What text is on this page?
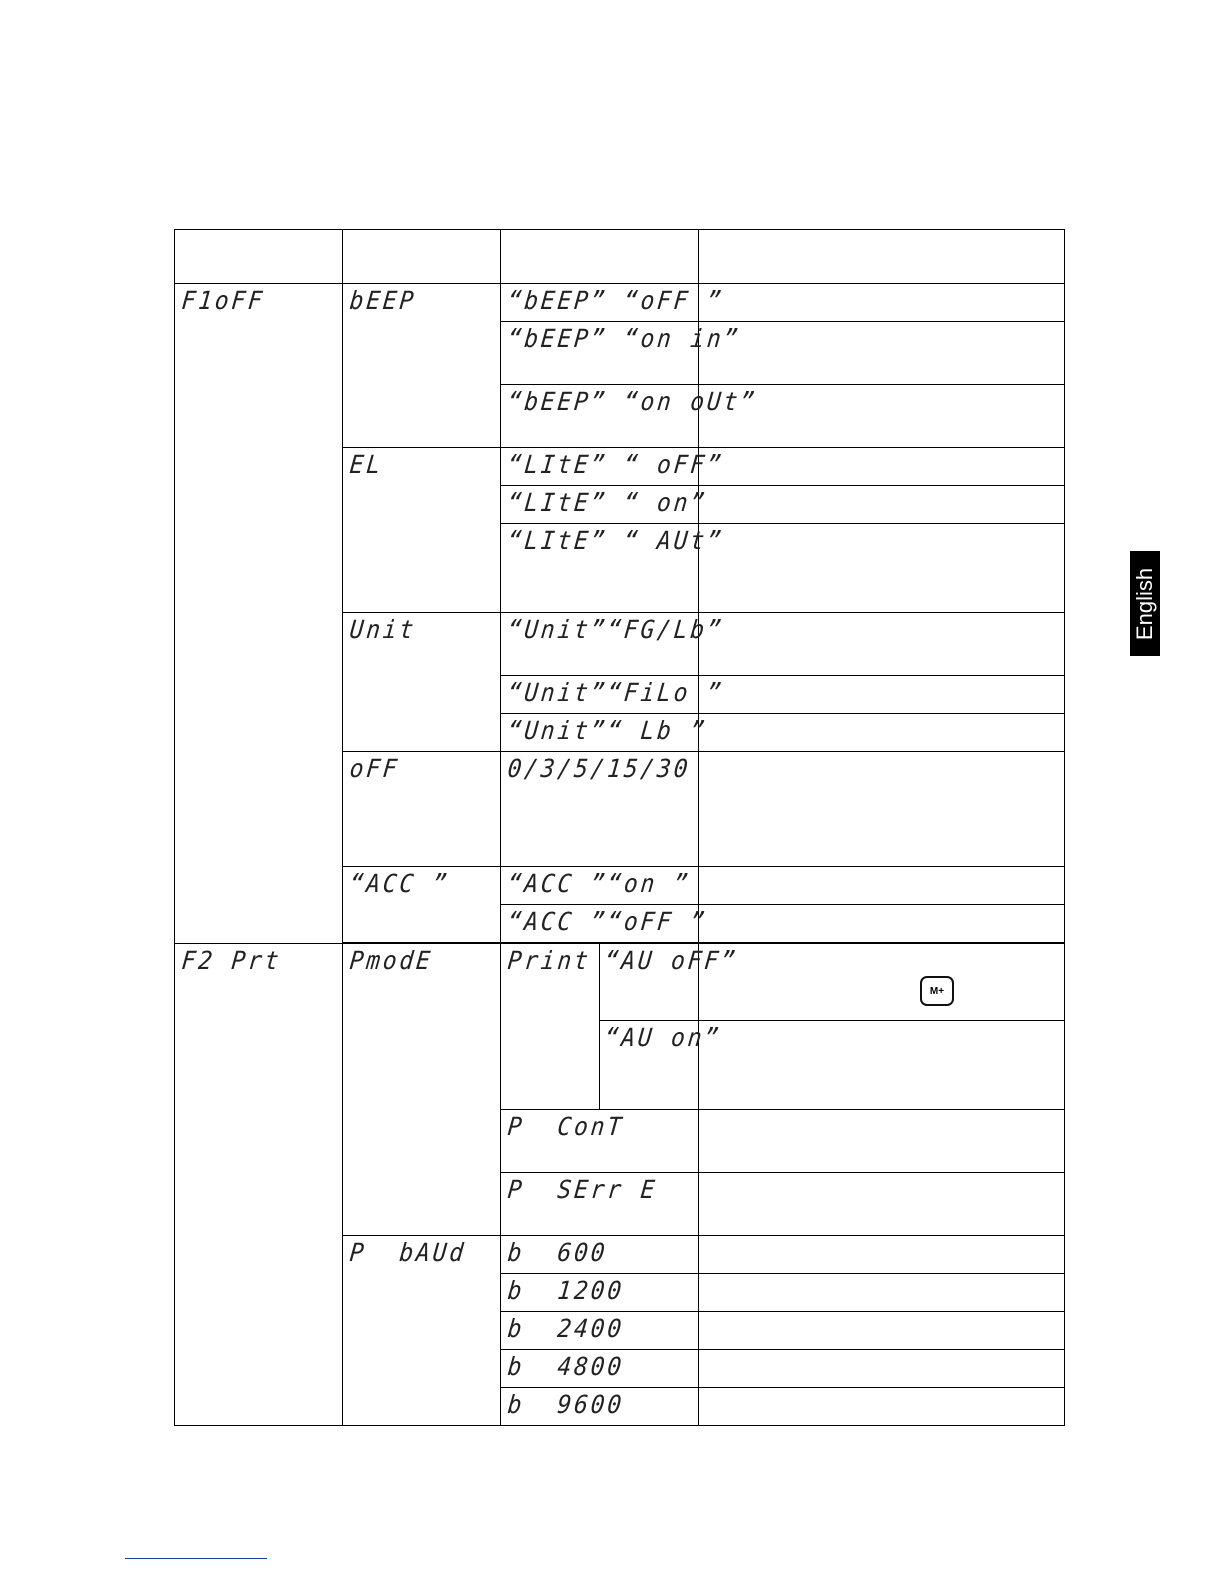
F1oFF	bEEP	“bEEP” “oFF ”		

		“bEEP” “on in”		

		“bEEP” “on oUt”		

	EL	“LItE” “ oFF”		

		“LItE” “ on”		

		“LItE” “ AUt”		

	Unit	“Unit”“FG/Lb”		

		“Unit”“FiLo ”		

		“Unit”“ Lb ”		

	oFF	0/3/5/15/30		

	“ACC ”	“ACC ”“on ”		

		“ACC ”“oFF ”		

F2 Prt	PmodE	Print	“AU oFF”	M+

			“AU on”	

		P  ConT		

		P  SErr E		

	P  bAUd	b  600		

		b  1200		

		b  2400		

		b  4800		

		b  9600		

English
